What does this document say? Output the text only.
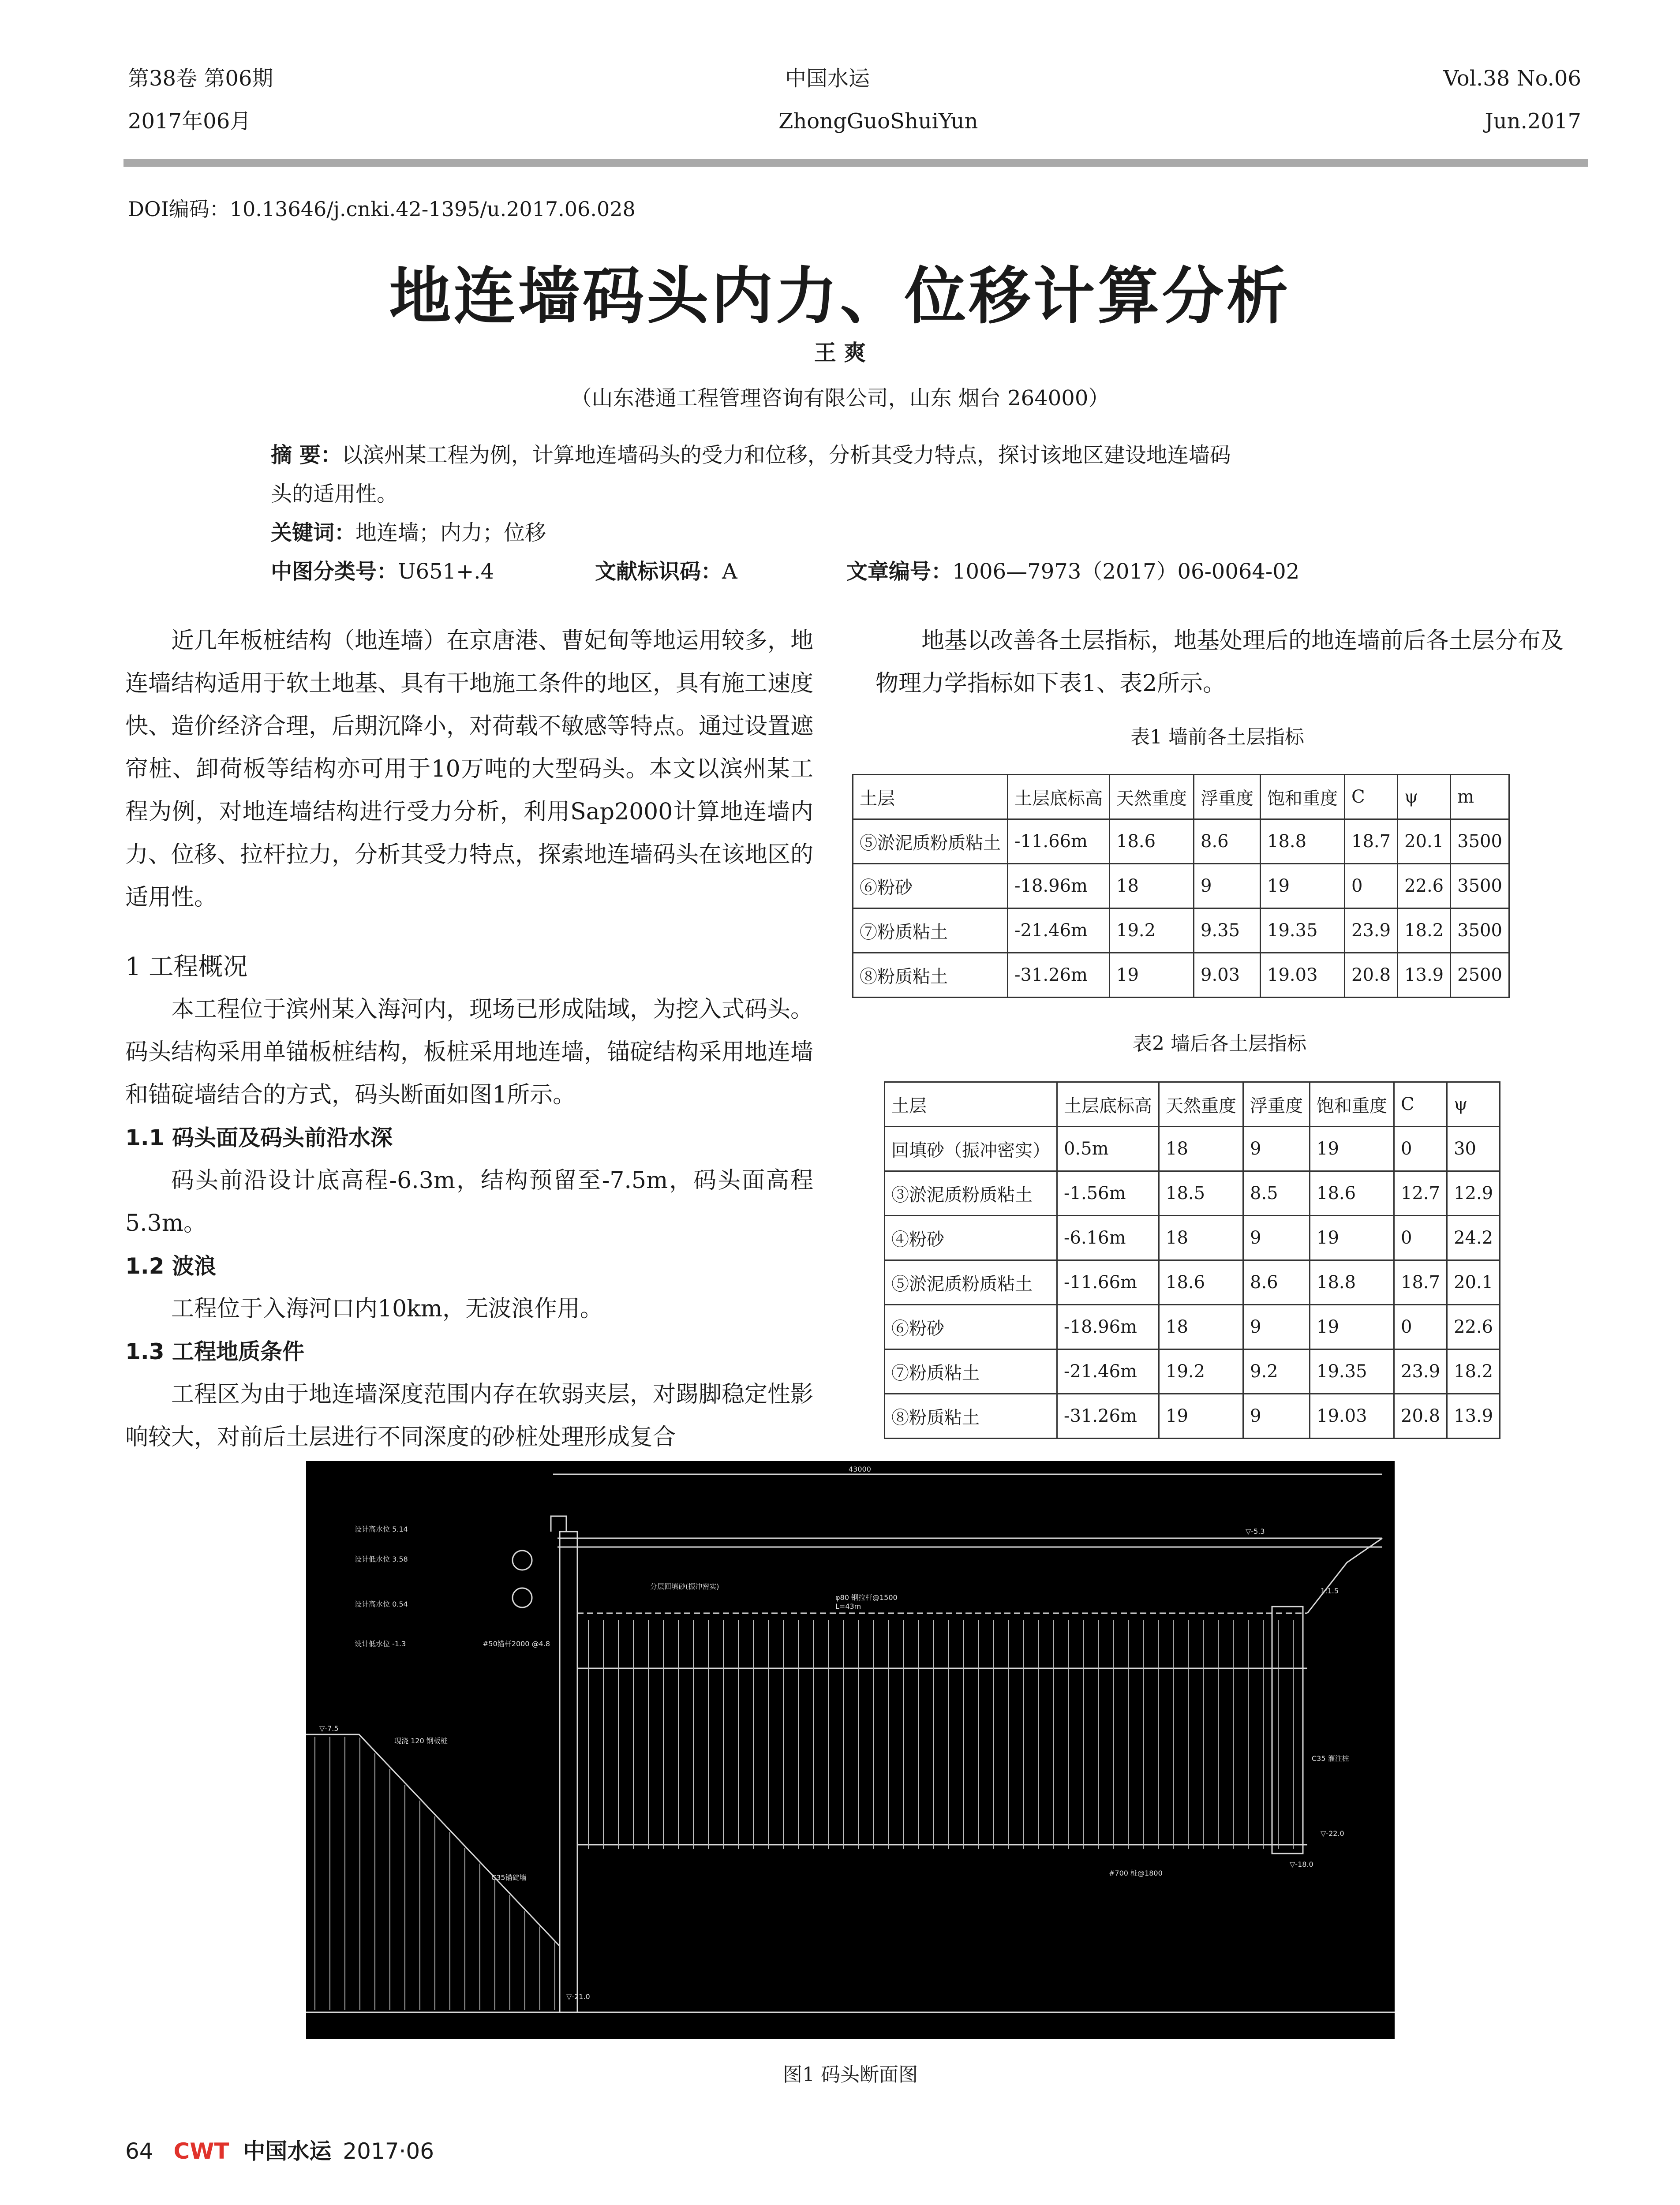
第38卷 第06期
2017年06月
中国水运
ZhongGuoShuiYun
Vol.38 No.06
Jun.2017
DOI编码：10.13646/j.cnki.42-1395/u.2017.06.028
地连墙码头内力、位移计算分析
王 爽
（山东港通工程管理咨询有限公司，山东 烟台 264000）
摘 要：以滨州某工程为例，计算地连墙码头的受力和位移，分析其受力特点，探讨该地区建设地连墙码
头的适用性。
关键词：地连墙；内力；位移
中图分类号：U651+.4	文献标识码：A	文章编号：1006—7973（2017）06-0064-02

近几年板桩结构（地连墙）在京唐港、曹妃甸等地运用较多，地连墙结构适用于软土地基、具有干地施工条件的地区，具有施工速度快、造价经济合理，后期沉降小，对荷载不敏感等特点。通过设置遮帘桩、卸荷板等结构亦可用于10万吨的大型码头。本文以滨州某工程为例，对地连墙结构进行受力分析，利用Sap2000计算地连墙内力、位移、拉杆拉力，分析其受力特点，探索地连墙码头在该地区的适用性。

1 工程概况

本工程位于滨州某入海河内，现场已形成陆域，为挖入式码头。码头结构采用单锚板桩结构，板桩采用地连墙，锚碇结构采用地连墙和锚碇墙结合的方式，码头断面如图1所示。

1.1 码头面及码头前沿水深

码头前沿设计底高程-6.3m，结构预留至-7.5m，码头面高程5.3m。

1.2 波浪

工程位于入海河口内10km，无波浪作用。

1.3 工程地质条件

工程区为由于地连墙深度范围内存在软弱夹层，对踢脚稳定性影响较大，对前后土层进行不同深度的砂桩处理形成复合

地基以改善各土层指标，地基处理后的地连墙前后各土层分布及物理力学指标如下表1、表2所示。

表1 墙前各土层指标
土层	土层底标高	天然重度	浮重度	饱和重度	C	ψ	m
⑤淤泥质粉质粘土	-11.66m	18.6	8.6	18.8	18.7	20.1	3500
⑥粉砂	-18.96m	18	9	19	0	22.6	3500
⑦粉质粘土	-21.46m	19.2	9.35	19.35	23.9	18.2	3500
⑧粉质粘土	-31.26m	19	9.03	19.03	20.8	13.9	2500
表2 墙后各土层指标
土层	土层底标高	天然重度	浮重度	饱和重度	C	ψ
回填砂（振冲密实）	0.5m	18	9	19	0	30
③淤泥质粉质粘土	-1.56m	18.5	8.5	18.6	12.7	12.9
④粉砂	-6.16m	18	9	19	0	24.2
⑤淤泥质粉质粘土	-11.66m	18.6	8.6	18.8	18.7	20.1
⑥粉砂	-18.96m	18	9	19	0	22.6
⑦粉质粘土	-21.46m	19.2	9.2	19.35	23.9	18.2
⑧粉质粘土	-31.26m	19	9	19.03	20.8	13.9
43000
设计高水位 5.14
设计低水位 3.58
设计高水位 0.54
设计低水位 -1.3	#50锚杆2000 @4.8
φ80 钢拉杆@1500
L=43m
分层回填砂(振冲密实)
C35锚碇墙
#700 桩@1800
▽-21.0
▽-7.5
▽-18.0
▽-22.0
C35 灌注桩
1:1.5
▽-5.3
现浇 120 钢板桩
图1 码头断面图
64 CWT 中国水运 2017·06
